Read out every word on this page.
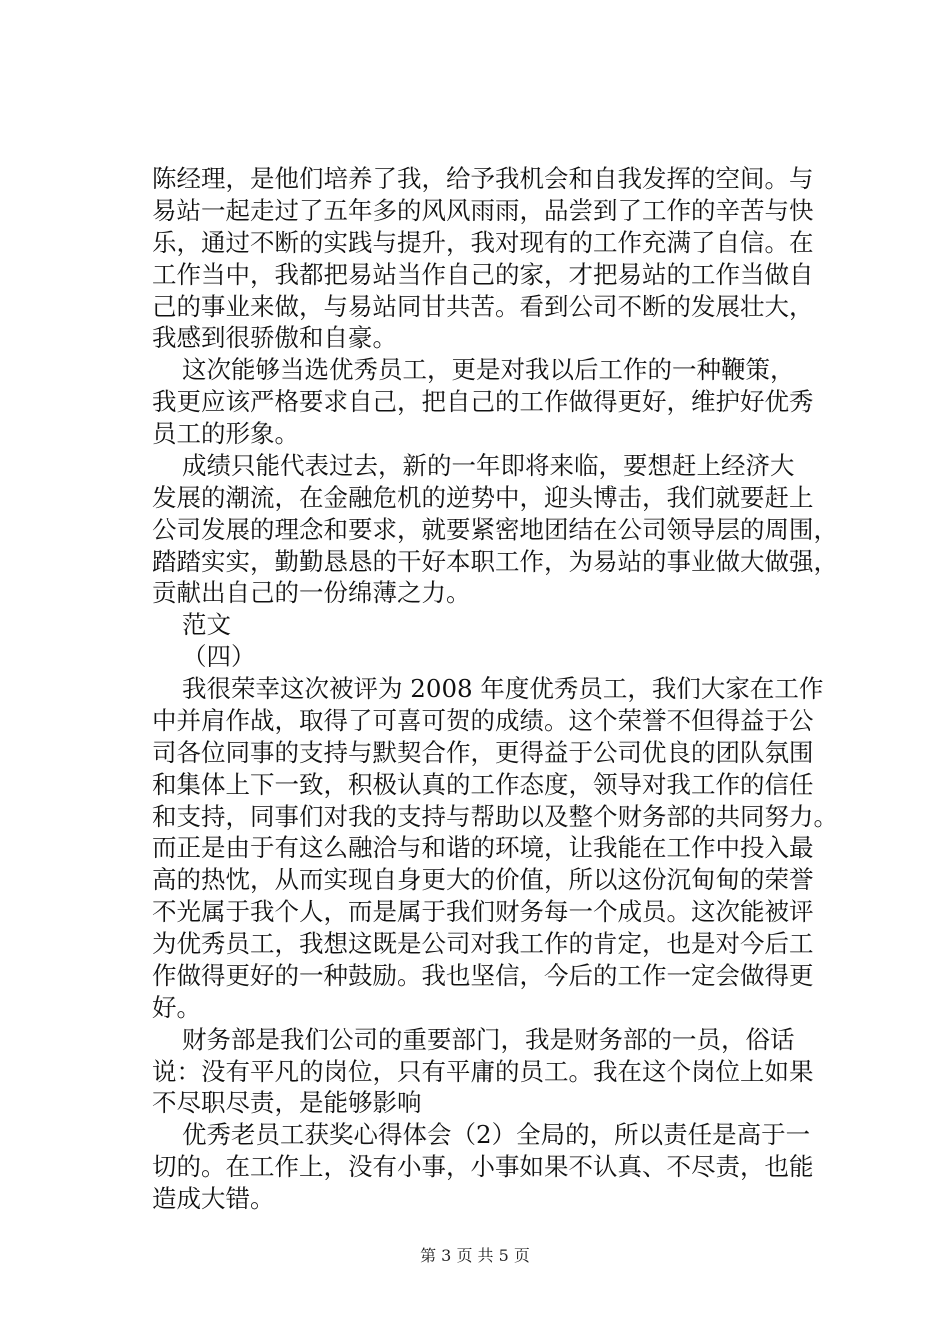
陈经理，是他们培养了我，给予我机会和自我发挥的空间。与
易站一起走过了五年多的风风雨雨，品尝到了工作的辛苦与快
乐，通过不断的实践与提升，我对现有的工作充满了自信。在
工作当中，我都把易站当作自己的家，才把易站的工作当做自
己的事业来做，与易站同甘共苦。看到公司不断的发展壮大，
我感到很骄傲和自豪。
这次能够当选优秀员工，更是对我以后工作的一种鞭策，
我更应该严格要求自己，把自己的工作做得更好，维护好优秀
员工的形象。
成绩只能代表过去，新的一年即将来临，要想赶上经济大
发展的潮流，在金融危机的逆势中，迎头博击，我们就要赶上
公司发展的理念和要求，就要紧密地团结在公司领导层的周围，
踏踏实实，勤勤恳恳的干好本职工作，为易站的事业做大做强，
贡献出自己的一份绵薄之力。
范文
（四）
我很荣幸这次被评为 2008 年度优秀员工，我们大家在工作
中并肩作战，取得了可喜可贺的成绩。这个荣誉不但得益于公
司各位同事的支持与默契合作，更得益于公司优良的团队氛围
和集体上下一致，积极认真的工作态度，领导对我工作的信任
和支持，同事们对我的支持与帮助以及整个财务部的共同努力。
而正是由于有这么融洽与和谐的环境，让我能在工作中投入最
高的热忱，从而实现自身更大的价值，所以这份沉甸甸的荣誉
不光属于我个人，而是属于我们财务每一个成员。这次能被评
为优秀员工，我想这既是公司对我工作的肯定，也是对今后工
作做得更好的一种鼓励。我也坚信，今后的工作一定会做得更
好。
财务部是我们公司的重要部门，我是财务部的一员，俗话
说：没有平凡的岗位，只有平庸的员工。我在这个岗位上如果
不尽职尽责，是能够影响
优秀老员工获奖心得体会（2）全局的，所以责任是高于一
切的。在工作上，没有小事，小事如果不认真、不尽责，也能
造成大错。
第 3 页 共 5 页
